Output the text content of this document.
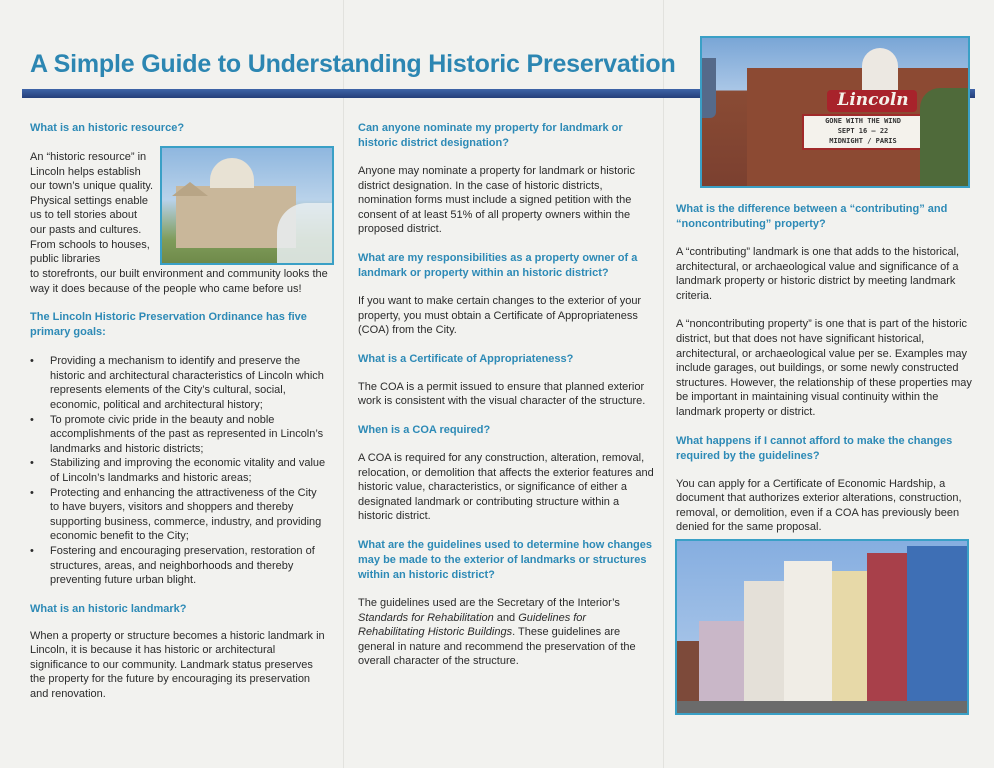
A Simple Guide to Understanding Historic Preservation

What is an historic resource?

An “historic resource” in Lincoln helps establish our town’s unique quality. Physical settings enable us to tell stories about our pasts and cultures. From schools to houses, public libraries

to storefronts, our built environment and community looks the way it does because of the people who came before us!

The Lincoln Historic Preservation Ordinance has five primary goals:

• Providing a mechanism to identify and preserve the historic and architectural characteristics of Lincoln which represents elements of the City’s cultural, social, economic, political and architectural history;
• To promote civic pride in the beauty and noble accomplishments of the past as represented in Lincoln’s landmarks and historic districts;
• Stabilizing and improving the economic vitality and value of Lincoln’s landmarks and historic areas;
• Protecting and enhancing the attractiveness of the City to have buyers, visitors and shoppers and thereby supporting business, commerce, industry, and providing economic benefit to the City;
• Fostering and encouraging preservation, restoration of structures, areas, and neighborhoods and thereby preventing future urban blight.

What is an historic landmark?

When a property or structure becomes a historic landmark in Lincoln, it is because it has historic or architectural significance to our community. Landmark status preserves the property for the future by encouraging its preservation and renovation.

Can anyone nominate my property for landmark or historic district designation?

Anyone may nominate a property for landmark or historic district designation. In the case of historic districts, nomination forms must include a signed petition with the consent of at least 51% of all property owners within the proposed district.

What are my responsibilities as a property owner of a landmark or property within an historic district?

If you want to make certain changes to the exterior of your property, you must obtain a Certificate of Appropriateness (COA) from the City.

What is a Certificate of Appropriateness?

The COA is a permit issued to ensure that planned exterior work is consistent with the visual character of the structure.

When is a COA required?

A COA is required for any construction, alteration, removal, relocation, or demolition that affects the exterior features and historic value, characteristics, or significance of either a designated landmark or contributing structure within a historic district.

What are the guidelines used to determine how changes may be made to the exterior of landmarks or structures within an historic district?

The guidelines used are the Secretary of the Interior’s Standards for Rehabilitation and Guidelines for Rehabilitating Historic Buildings. These guidelines are general in nature and recommend the preservation of the overall character of the structure.

Lincoln
GONE WITH THE WIND
SEPT 16 – 22
MIDNIGHT / PARIS

What is the difference between a “contributing” and “noncontributing” property?

A “contributing” landmark is one that adds to the historical, architectural, or archaeological value and significance of a landmark property or historic district by meeting landmark criteria.

A “noncontributing property” is one that is part of the historic district, but that does not have significant historical, architectural, or archaeological value per se. Examples may include garages, out buildings, or some newly constructed structures. However, the relationship of these properties may be important in maintaining visual continuity within the landmark property or district.

What happens if I cannot afford to make the changes required by the guidelines?

You can apply for a Certificate of Economic Hardship, a document that authorizes exterior alterations, construction, removal, or demolition, even if a COA has previously been denied for the same proposal.
